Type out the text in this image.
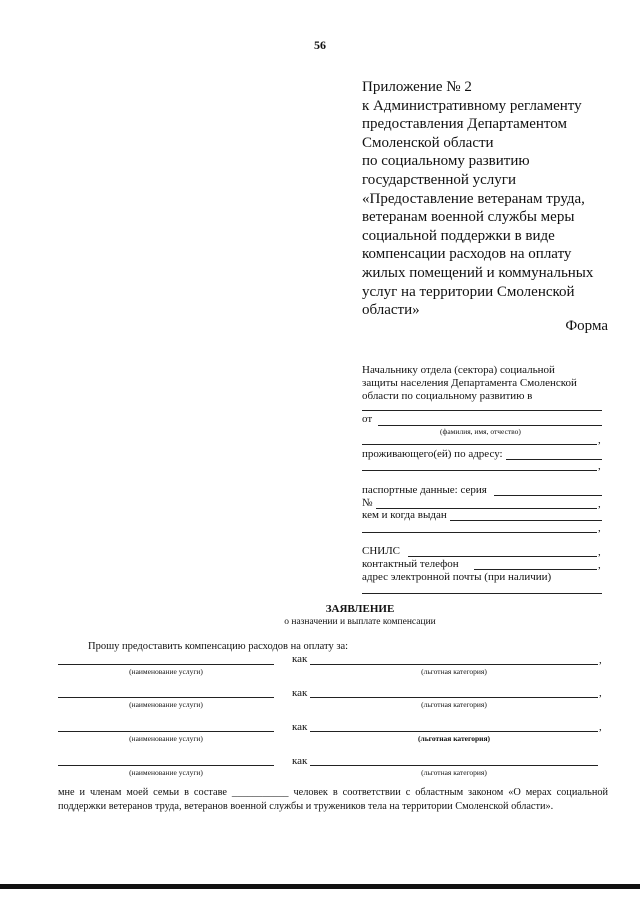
56
Приложение № 2
к Административному регламенту
предоставления Департаментом
Смоленской области
по социальному развитию
государственной услуги
«Предоставление ветеранам труда,
ветеранам военной службы меры
социальной поддержки в виде
компенсации расходов на оплату
жилых помещений и коммунальных
услуг на территории Смоленской
области»
Форма
Начальнику отдела (сектора) социальной
защиты населения Департамента Смоленской
области по социальному развитию в
от
(фамилия, имя, отчество)
,
проживающего(ей) по адресу:
,
паспортные данные: серия
№	,
кем и когда выдан
,
СНИЛС	,
контактный телефон	,
адрес электронной почты (при наличии)
ЗАЯВЛЕНИЕ
о назначении и выплате компенсации
Прошу предоставить компенсацию расходов на оплату за:
как	,
(наименование услуги)	(льготная категория)
как	,
(наименование услуги)	(льготная категория)
как	,
(наименование услуги)	(льготная категория)
как
(наименование услуги)	(льготная категория)
мне и членам моей семьи в составе ___________ человек в соответствии с областным законом «О мерах социальной поддержки ветеранов труда, ветеранов военной службы и тружеников тела на территории Смоленской области».
